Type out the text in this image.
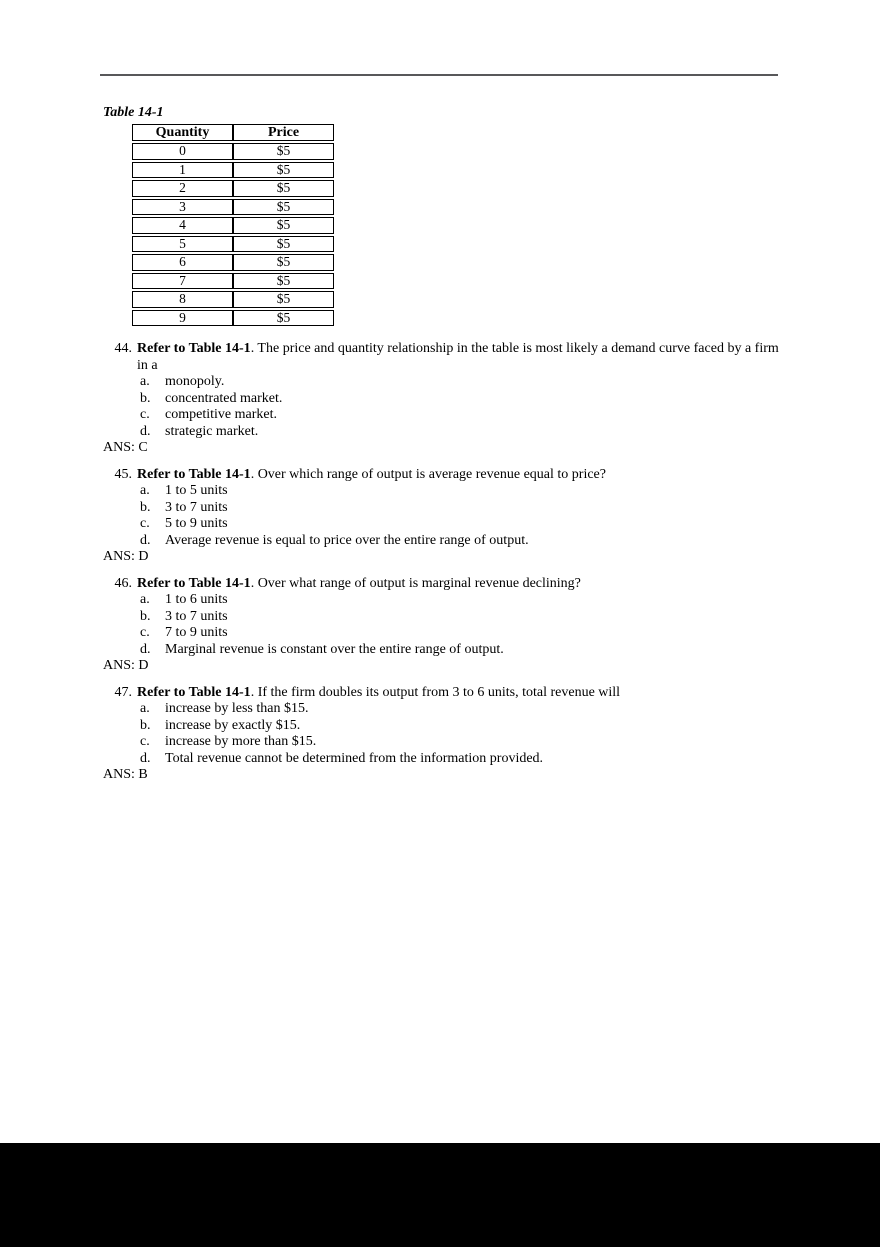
Table 14-1

Quantity	Price
0	$5
1	$5
2	$5
3	$5
4	$5
5	$5
6	$5
7	$5
8	$5
9	$5
44. Refer to Table 14-1. The price and quantity relationship in the table is most likely a demand curve faced by a firm in a
a.	monopoly.
b.	concentrated market.
c.	competitive market.
d.	strategic market.

ANS: C

45. Refer to Table 14-1. Over which range of output is average revenue equal to price?
a.	1 to 5 units
b.	3 to 7 units
c.	5 to 9 units
d.	Average revenue is equal to price over the entire range of output.

ANS: D

46. Refer to Table 14-1. Over what range of output is marginal revenue declining?
a.	1 to 6 units
b.	3 to 7 units
c.	7 to 9 units
d.	Marginal revenue is constant over the entire range of output.

ANS: D

47. Refer to Table 14-1. If the firm doubles its output from 3 to 6 units, total revenue will
a.	increase by less than $15.
b.	increase by exactly $15.
c.	increase by more than $15.
d.	Total revenue cannot be determined from the information provided.

ANS: B
